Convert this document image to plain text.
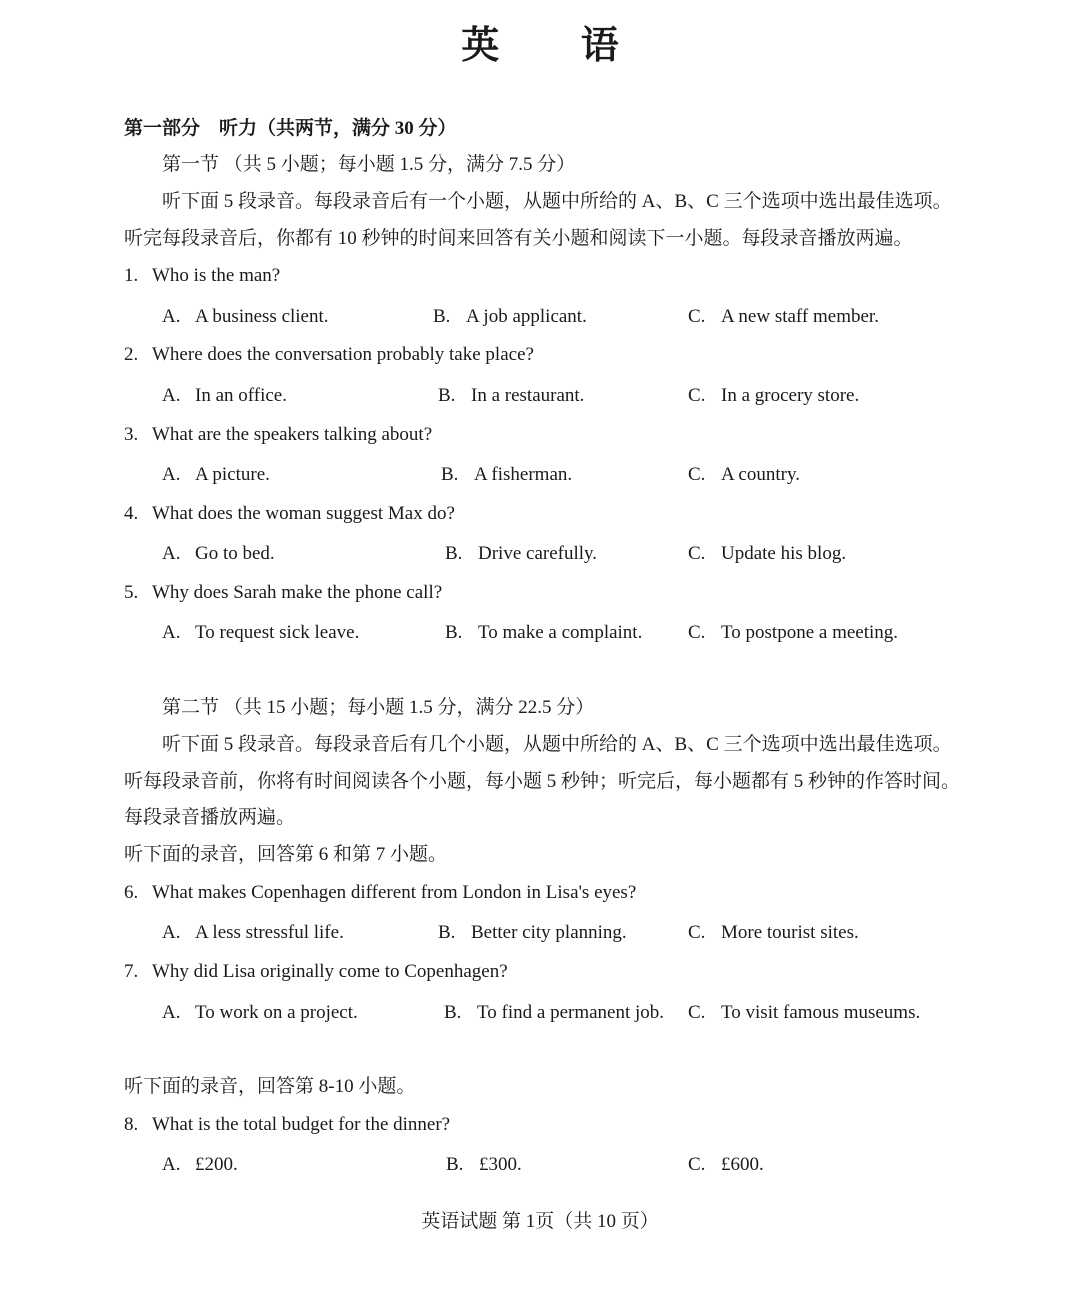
英 语
第一部分　听力（共两节，满分 30 分）
第一节 （共 5 小题；每小题 1.5 分，满分 7.5 分）
听下面 5 段录音。每段录音后有一个小题，从题中所给的 A、B、C 三个选项中选出最佳选项。
听完每段录音后，你都有 10 秒钟的时间来回答有关小题和阅读下一小题。每段录音播放两遍。
1. Who is the man?
A. A business client.	B. A job applicant.	C. A new staff member.
2. Where does the conversation probably take place?
A. In an office.	B. In a restaurant.	C. In a grocery store.
3. What are the speakers talking about?
A. A picture.	B. A fisherman.	C. A country.
4. What does the woman suggest Max do?
A. Go to bed.	B. Drive carefully.	C. Update his blog.
5. Why does Sarah make the phone call?
A. To request sick leave.	B. To make a complaint. C. To postpone a meeting.
第二节 （共 15 小题；每小题 1.5 分，满分 22.5 分）
听下面 5 段录音。每段录音后有几个小题，从题中所给的 A、B、C 三个选项中选出最佳选项。
听每段录音前，你将有时间阅读各个小题，每小题 5 秒钟；听完后，每小题都有 5 秒钟的作答时间。
每段录音播放两遍。
听下面的录音，回答第 6 和第 7 小题。
6. What makes Copenhagen different from London in Lisa's eyes?
A. A less stressful life.	B. Better city planning.	C. More tourist sites.
7. Why did Lisa originally come to Copenhagen?
A. To work on a project.	B. To find a permanent job. C. To visit famous museums.
听下面的录音，回答第 8-10 小题。
8. What is the total budget for the dinner?
A. £200.	B. £300.	C. £600.
英语试题 第 1页（共 10 页）
